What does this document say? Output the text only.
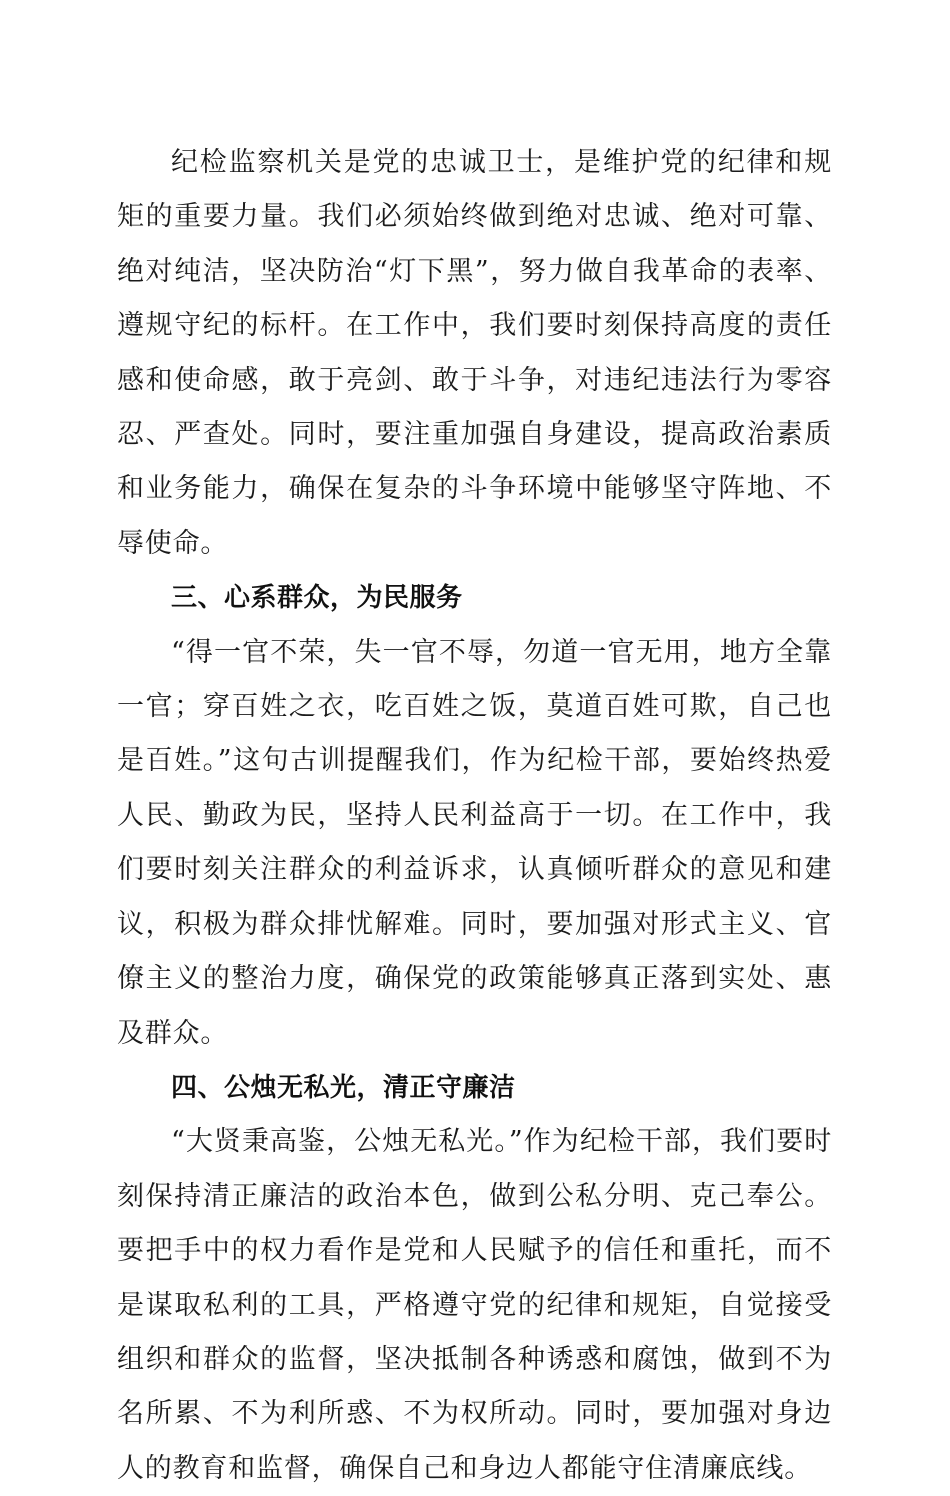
纪检监察机关是党的忠诚卫士，是维护党的纪律和规矩的重要力量。我们必须始终做到绝对忠诚、绝对可靠、绝对纯洁，坚决防治“灯下黑”，努力做自我革命的表率、遵规守纪的标杆。在工作中，我们要时刻保持高度的责任感和使命感，敢于亮剑、敢于斗争，对违纪违法行为零容忍、严查处。同时，要注重加强自身建设，提高政治素质和业务能力，确保在复杂的斗争环境中能够坚守阵地、不辱使命。

三、心系群众，为民服务

“得一官不荣，失一官不辱，勿道一官无用，地方全靠一官；穿百姓之衣，吃百姓之饭，莫道百姓可欺，自己也是百姓。”这句古训提醒我们，作为纪检干部，要始终热爱人民、勤政为民，坚持人民利益高于一切。在工作中，我们要时刻关注群众的利益诉求，认真倾听群众的意见和建议，积极为群众排忧解难。同时，要加强对形式主义、官僚主义的整治力度，确保党的政策能够真正落到实处、惠及群众。

四、公烛无私光，清正守廉洁

“大贤秉高鉴，公烛无私光。”作为纪检干部，我们要时刻保持清正廉洁的政治本色，做到公私分明、克己奉公。要把手中的权力看作是党和人民赋予的信任和重托，而不是谋取私利的工具，严格遵守党的纪律和规矩，自觉接受组织和群众的监督，坚决抵制各种诱惑和腐蚀，做到不为名所累、不为利所惑、不为权所动。同时，要加强对身边人的教育和监督，确保自己和身边人都能守住清廉底线。
